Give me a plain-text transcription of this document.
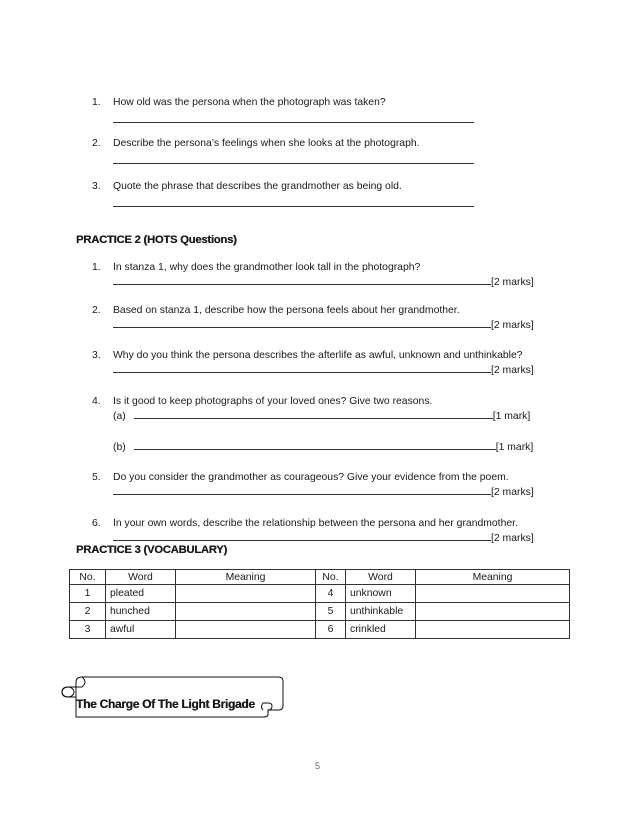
1.	How old was the persona when the photograph was taken?
2.	Describe the persona’s feelings when she looks at the photograph.
3.	Quote the phrase that describes the grandmother as being old.
PRACTICE 2 (HOTS Questions)
1.	In stanza 1, why does the grandmother look tall in the photograph?
[2 marks]
2.	Based on stanza 1, describe how the persona feels about her grandmother.
[2 marks]
3.	Why do you think the persona describes the afterlife as awful, unknown and unthinkable?
[2 marks]
4.	Is it good to keep photographs of your loved ones? Give two reasons.
(a)	[1 mark]
(b)	[1 mark]
5.	Do you consider the grandmother as courageous? Give your evidence from the poem.
[2 marks]
6.	In your own words, describe the relationship between the persona and her grandmother.
[2 marks]
PRACTICE 3 (VOCABULARY)
No.	Word	Meaning	No.	Word	Meaning
1	pleated		4	unknown	
2	hunched		5	unthinkable	
3	awful		6	crinkled	
The Charge Of The Light Brigade
5
